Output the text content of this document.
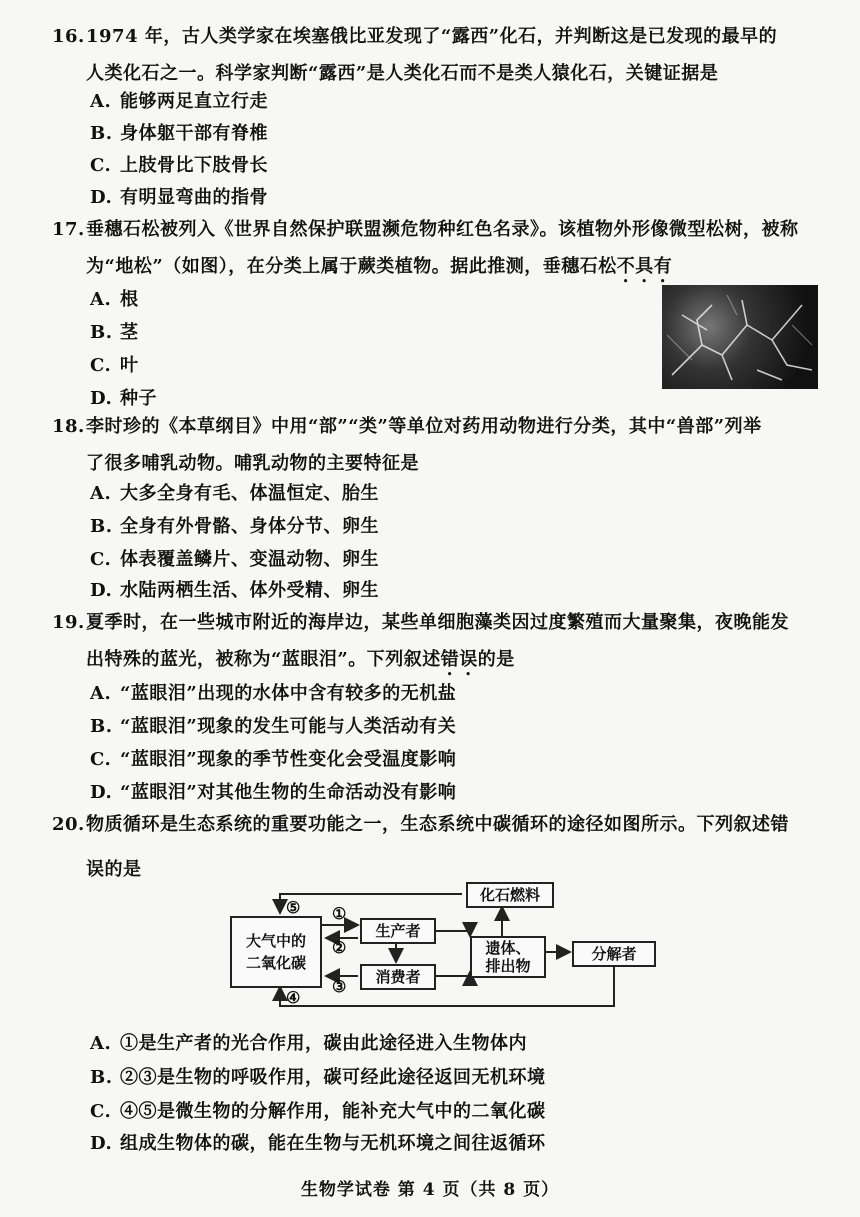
16.1974 年，古人类学家在埃塞俄比亚发现了“露西”化石，并判断这是已发现的最早的
人类化石之一。科学家判断“露西”是人类化石而不是类人猿化石，关键证据是
A. 能够两足直立行走
B. 身体躯干部有脊椎
C. 上肢骨比下肢骨长
D. 有明显弯曲的指骨
17.垂穗石松被列入《世界自然保护联盟濒危物种红色名录》。该植物外形像微型松树，被称
为“地松”（如图），在分类上属于蕨类植物。据此推测，垂穗石松不具有
A. 根
B. 茎
C. 叶
D. 种子
18.李时珍的《本草纲目》中用“部”“类”等单位对药用动物进行分类，其中“兽部”列举
了很多哺乳动物。哺乳动物的主要特征是
A. 大多全身有毛、体温恒定、胎生
B. 全身有外骨骼、身体分节、卵生
C. 体表覆盖鳞片、变温动物、卵生
D. 水陆两栖生活、体外受精、卵生
19.夏季时，在一些城市附近的海岸边，某些单细胞藻类因过度繁殖而大量聚集，夜晚能发
出特殊的蓝光，被称为“蓝眼泪”。下列叙述错误的是
A. “蓝眼泪”出现的水体中含有较多的无机盐
B. “蓝眼泪”现象的发生可能与人类活动有关
C. “蓝眼泪”现象的季节性变化会受温度影响
D. “蓝眼泪”对其他生物的生命活动没有影响
20.物质循环是生态系统的重要功能之一，生态系统中碳循环的途径如图所示。下列叙述错
误的是
大气中的
二氧化碳
生产者
消费者
化石燃料
遗体、
排出物
分解者
⑤ ①
②
③
④
A. ①是生产者的光合作用，碳由此途径进入生物体内
B. ②③是生物的呼吸作用，碳可经此途径返回无机环境
C. ④⑤是微生物的分解作用，能补充大气中的二氧化碳
D. 组成生物体的碳，能在生物与无机环境之间往返循环
生物学试卷 第 4 页（共 8 页）
